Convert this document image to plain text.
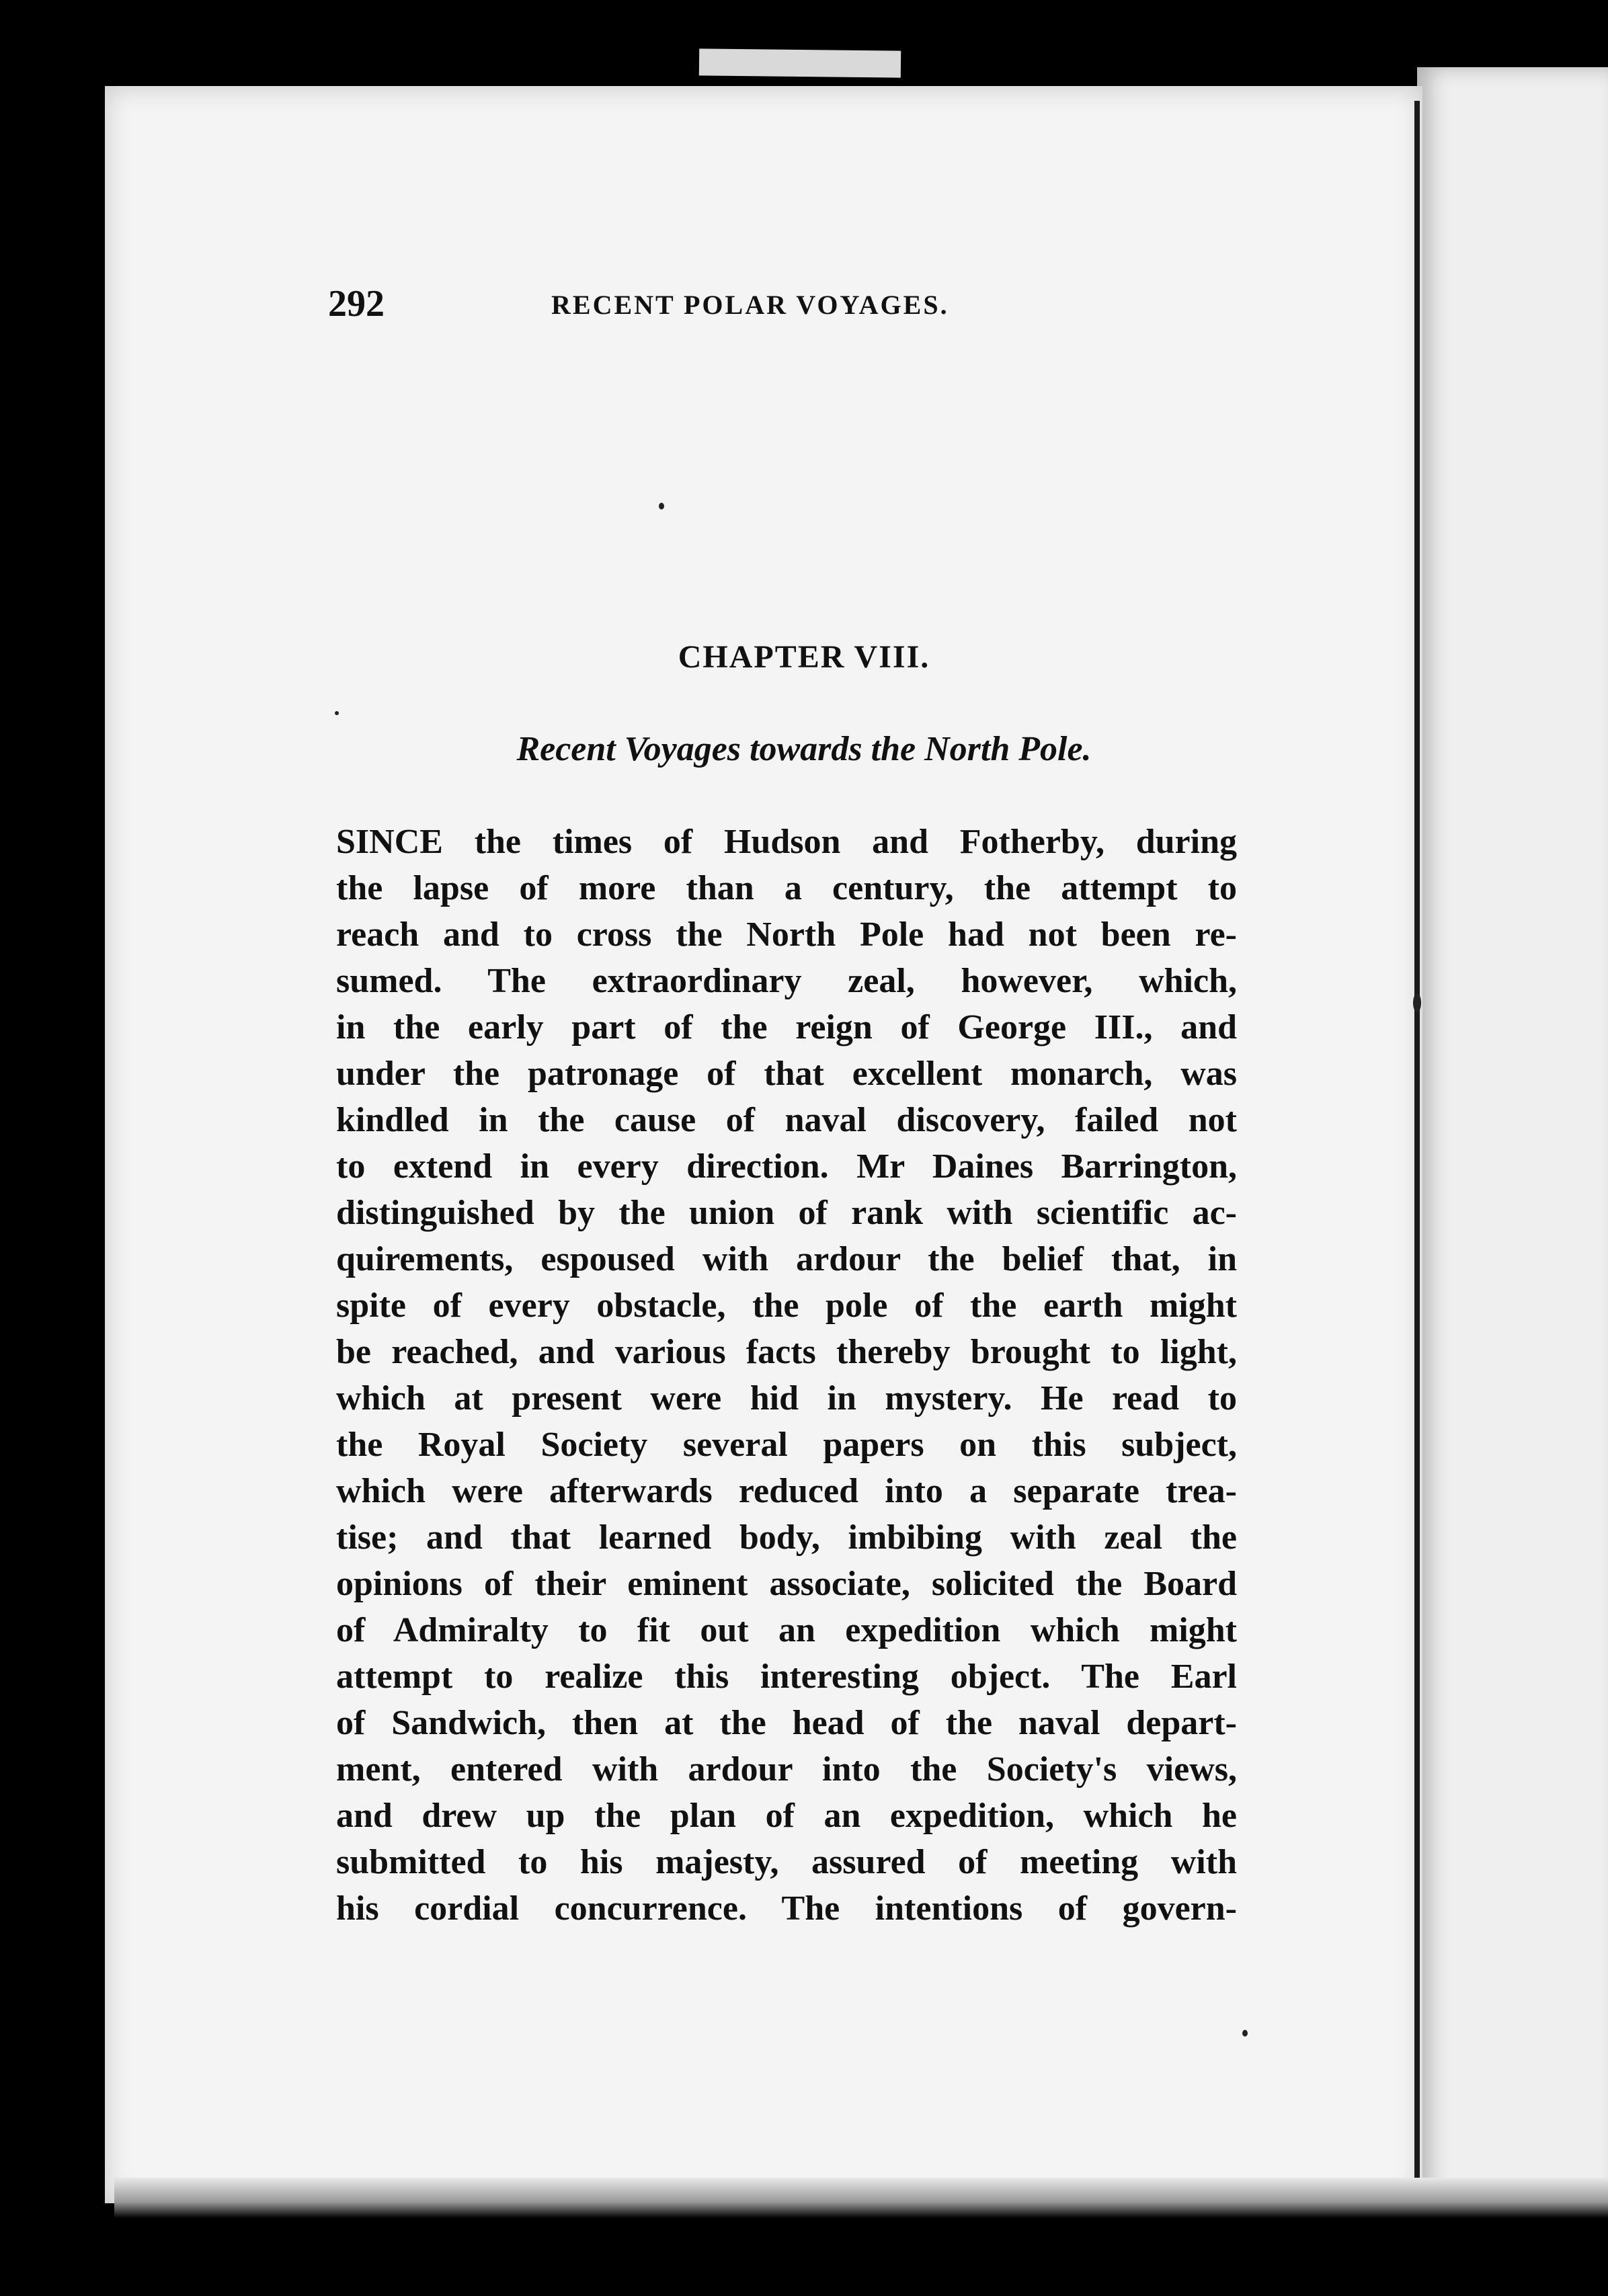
292	RECENT POLAR VOYAGES.
CHAPTER VIII.
Recent Voyages towards the North Pole.
SINCE the times of Hudson and Fotherby, during
the lapse of more than a century, the attempt to
reach and to cross the North Pole had not been re-
sumed. The extraordinary zeal, however, which,
in the early part of the reign of George III., and
under the patronage of that excellent monarch, was
kindled in the cause of naval discovery, failed not
to extend in every direction. Mr Daines Barrington,
distinguished by the union of rank with scientific ac-
quirements, espoused with ardour the belief that, in
spite of every obstacle, the pole of the earth might
be reached, and various facts thereby brought to light,
which at present were hid in mystery. He read to
the Royal Society several papers on this subject,
which were afterwards reduced into a separate trea-
tise; and that learned body, imbibing with zeal the
opinions of their eminent associate, solicited the Board
of Admiralty to fit out an expedition which might
attempt to realize this interesting object. The Earl
of Sandwich, then at the head of the naval depart-
ment, entered with ardour into the Society's views,
and drew up the plan of an expedition, which he
submitted to his majesty, assured of meeting with
his cordial concurrence. The intentions of govern-
